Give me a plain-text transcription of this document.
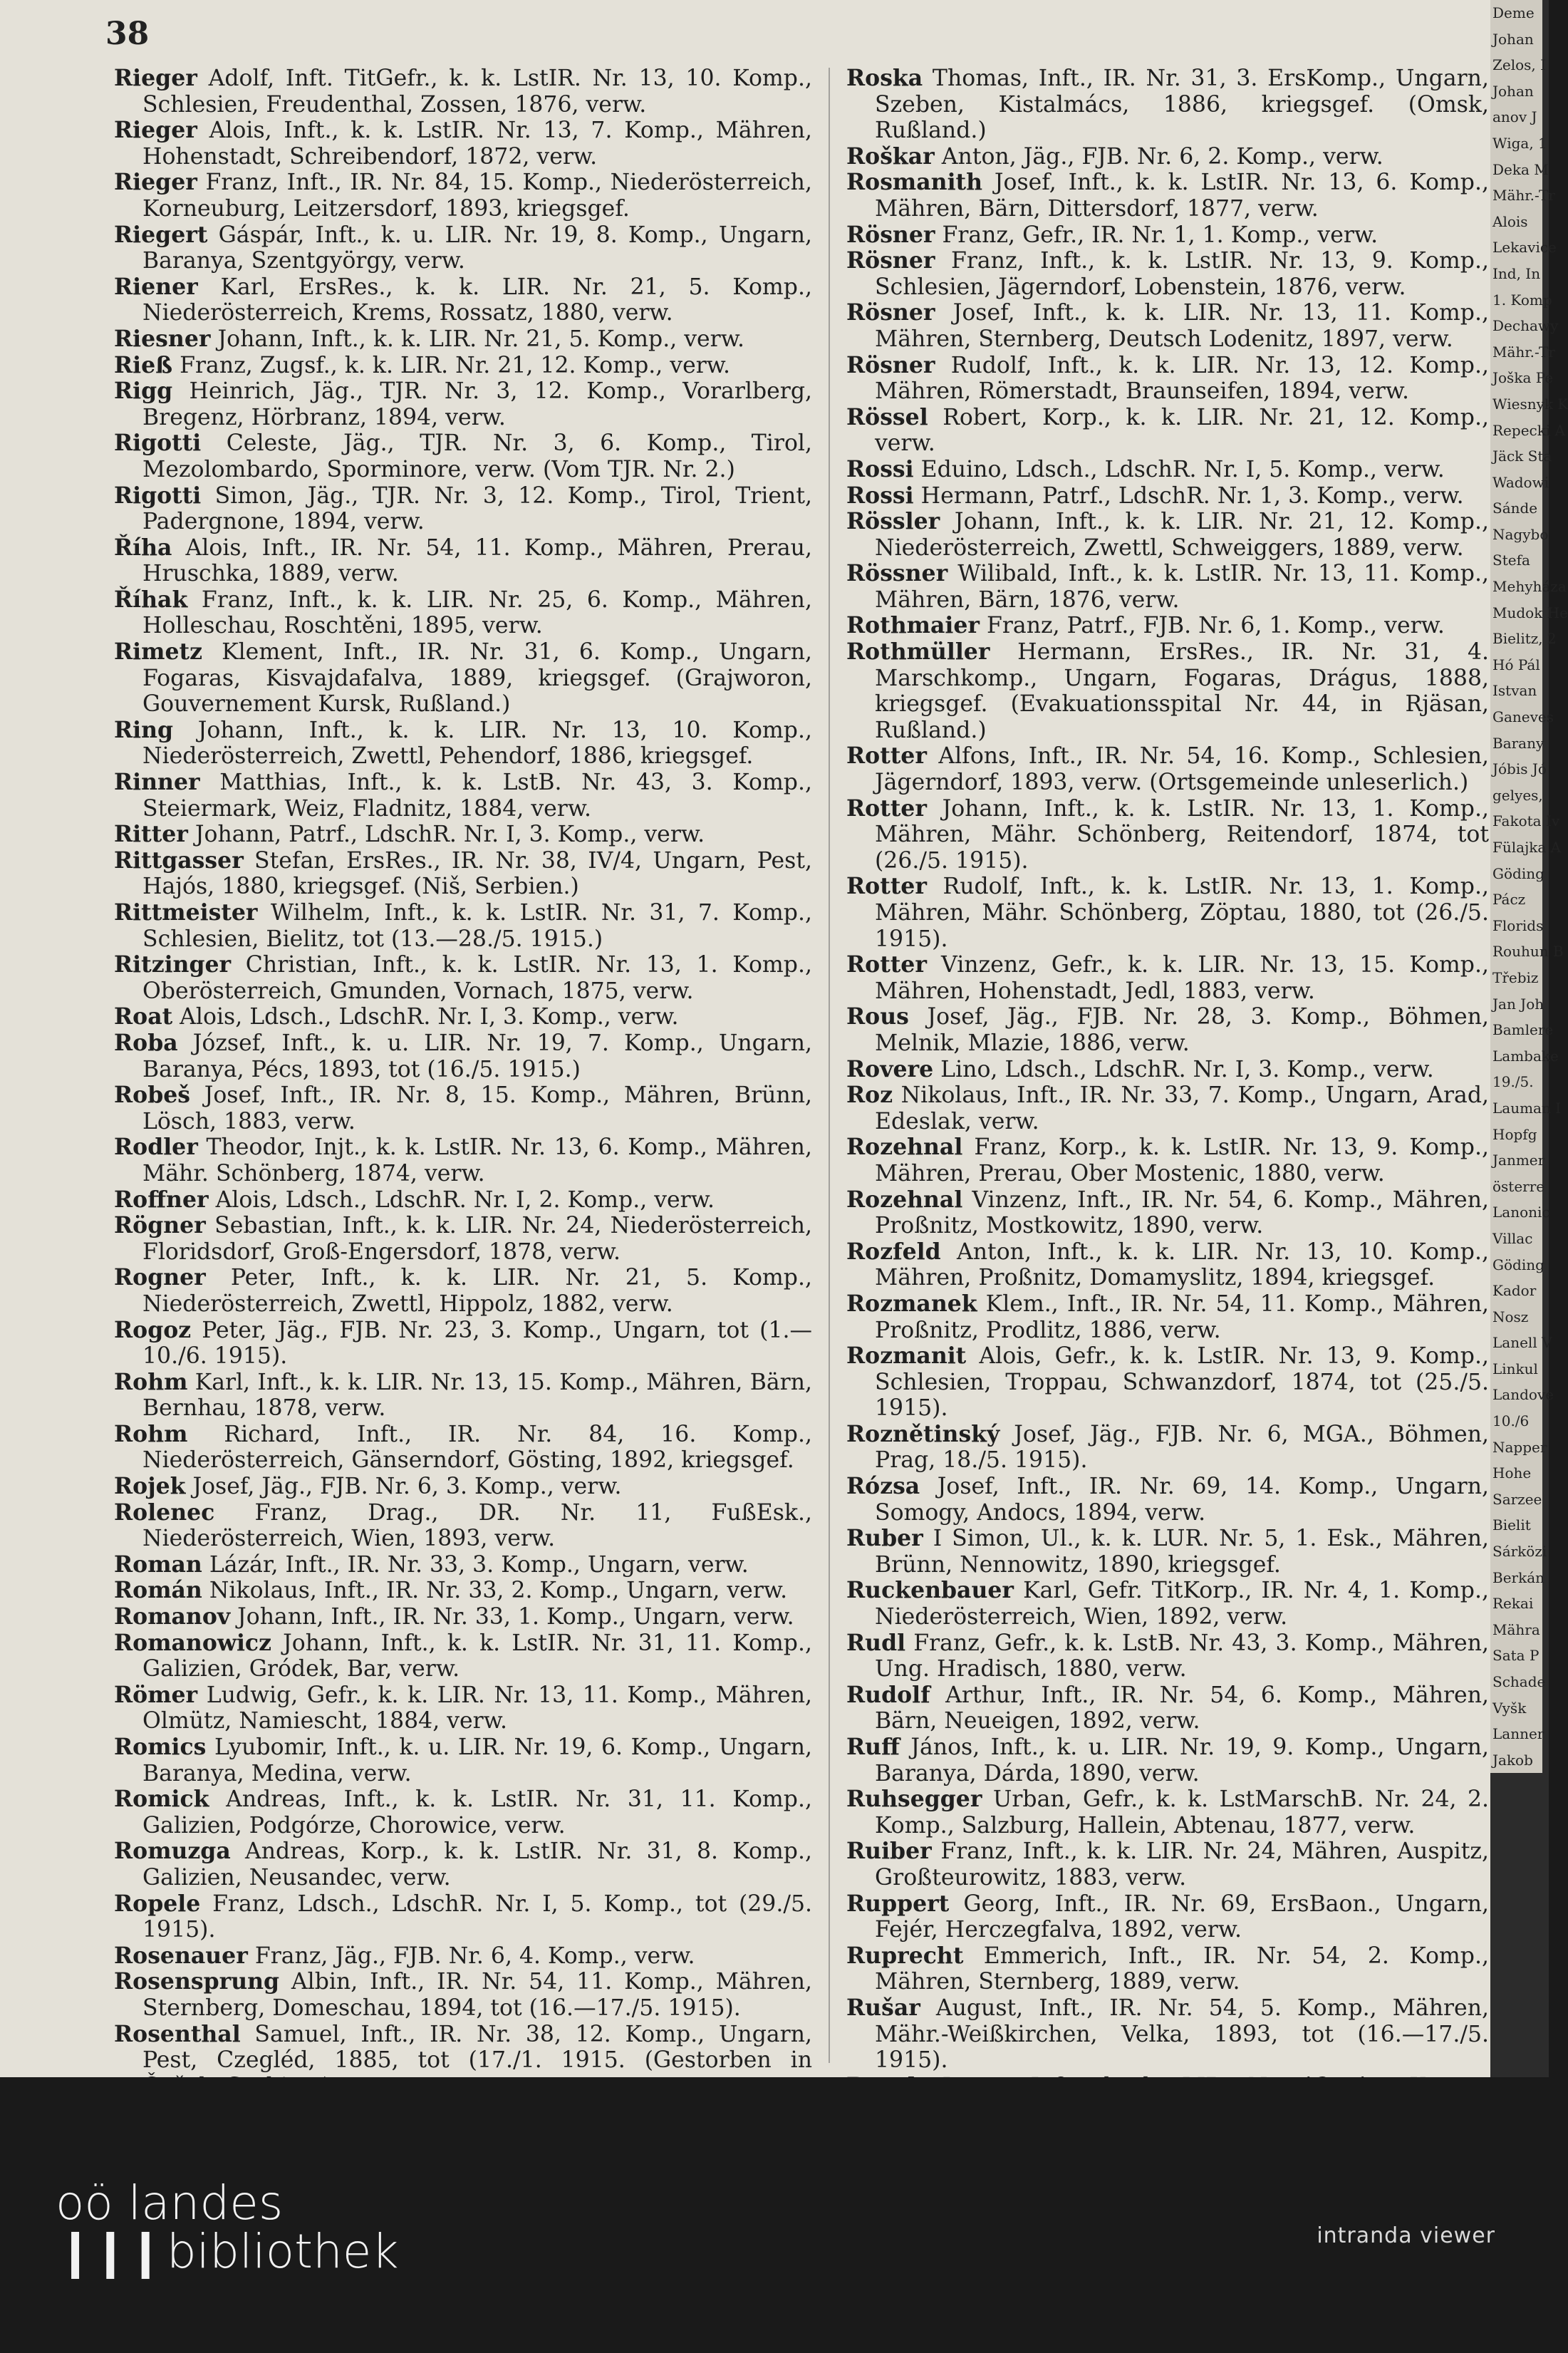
38

Rieger Adolf, Inft. TitGefr., k. k. LstIR. Nr. 13, 10. Komp., Schlesien, Freudenthal, Zossen, 1876, verw.

Rieger Alois, Inft., k. k. LstIR. Nr. 13, 7. Komp., Mähren, Hohenstadt, Schreibendorf, 1872, verw.

Rieger Franz, Inft., IR. Nr. 84, 15. Komp., Niederösterreich, Korneuburg, Leitzersdorf, 1893, kriegsgef.

Riegert Gáspár, Inft., k. u. LIR. Nr. 19, 8. Komp., Ungarn, Baranya, Szentgyörgy, verw.

Riener Karl, ErsRes., k. k. LIR. Nr. 21, 5. Komp., Niederösterreich, Krems, Rossatz, 1880, verw.

Riesner Johann, Inft., k. k. LIR. Nr. 21, 5. Komp., verw.

Rieß Franz, Zugsf., k. k. LIR. Nr. 21, 12. Komp., verw.

Rigg Heinrich, Jäg., TJR. Nr. 3, 12. Komp., Vorarlberg, Bregenz, Hörbranz, 1894, verw.

Rigotti Celeste, Jäg., TJR. Nr. 3, 6. Komp., Tirol, Mezolombardo, Sporminore, verw. (Vom TJR. Nr. 2.)

Rigotti Simon, Jäg., TJR. Nr. 3, 12. Komp., Tirol, Trient, Padergnone, 1894, verw.

Říha Alois, Inft., IR. Nr. 54, 11. Komp., Mähren, Prerau, Hruschka, 1889, verw.

Říhak Franz, Inft., k. k. LIR. Nr. 25, 6. Komp., Mähren, Holleschau, Roschtěni, 1895, verw.

Rimetz Klement, Inft., IR. Nr. 31, 6. Komp., Ungarn, Fogaras, Kisvajdafalva, 1889, kriegsgef. (Grajworon, Gouvernement Kursk, Rußland.)

Ring Johann, Inft., k. k. LIR. Nr. 13, 10. Komp., Niederösterreich, Zwettl, Pehendorf, 1886, kriegsgef.

Rinner Matthias, Inft., k. k. LstB. Nr. 43, 3. Komp., Steiermark, Weiz, Fladnitz, 1884, verw.

Ritter Johann, Patrf., LdschR. Nr. I, 3. Komp., verw.

Rittgasser Stefan, ErsRes., IR. Nr. 38, IV/4, Ungarn, Pest, Hajós, 1880, kriegsgef. (Niš, Serbien.)

Rittmeister Wilhelm, Inft., k. k. LstIR. Nr. 31, 7. Komp., Schlesien, Bielitz, tot (13.—28./5. 1915.)

Ritzinger Christian, Inft., k. k. LstIR. Nr. 13, 1. Komp., Oberösterreich, Gmunden, Vornach, 1875, verw.

Roat Alois, Ldsch., LdschR. Nr. I, 3. Komp., verw.

Roba József, Inft., k. u. LIR. Nr. 19, 7. Komp., Ungarn, Baranya, Pécs, 1893, tot (16./5. 1915.)

Robeš Josef, Inft., IR. Nr. 8, 15. Komp., Mähren, Brünn, Lösch, 1883, verw.

Rodler Theodor, Injt., k. k. LstIR. Nr. 13, 6. Komp., Mähren, Mähr. Schönberg, 1874, verw.

Roffner Alois, Ldsch., LdschR. Nr. I, 2. Komp., verw.

Rögner Sebastian, Inft., k. k. LIR. Nr. 24, Niederösterreich, Floridsdorf, Groß-Engersdorf, 1878, verw.

Rogner Peter, Inft., k. k. LIR. Nr. 21, 5. Komp., Niederösterreich, Zwettl, Hippolz, 1882, verw.

Rogoz Peter, Jäg., FJB. Nr. 23, 3. Komp., Ungarn, tot (1.—10./6. 1915).

Rohm Karl, Inft., k. k. LIR. Nr. 13, 15. Komp., Mähren, Bärn, Bernhau, 1878, verw.

Rohm Richard, Inft., IR. Nr. 84, 16. Komp., Niederösterreich, Gänserndorf, Gösting, 1892, kriegsgef.

Rojek Josef, Jäg., FJB. Nr. 6, 3. Komp., verw.

Rolenec Franz, Drag., DR. Nr. 11, FußEsk., Niederösterreich, Wien, 1893, verw.

Roman Lázár, Inft., IR. Nr. 33, 3. Komp., Ungarn, verw.

Román Nikolaus, Inft., IR. Nr. 33, 2. Komp., Ungarn, verw.

Romanov Johann, Inft., IR. Nr. 33, 1. Komp., Ungarn, verw.

Romanowicz Johann, Inft., k. k. LstIR. Nr. 31, 11. Komp., Galizien, Gródek, Bar, verw.

Römer Ludwig, Gefr., k. k. LIR. Nr. 13, 11. Komp., Mähren, Olmütz, Namiescht, 1884, verw.

Romics Lyubomir, Inft., k. u. LIR. Nr. 19, 6. Komp., Ungarn, Baranya, Medina, verw.

Romick Andreas, Inft., k. k. LstIR. Nr. 31, 11. Komp., Galizien, Podgórze, Chorowice, verw.

Romuzga Andreas, Korp., k. k. LstIR. Nr. 31, 8. Komp., Galizien, Neusandec, verw.

Ropele Franz, Ldsch., LdschR. Nr. I, 5. Komp., tot (29./5. 1915).

Rosenauer Franz, Jäg., FJB. Nr. 6, 4. Komp., verw.

Rosensprung Albin, Inft., IR. Nr. 54, 11. Komp., Mähren, Sternberg, Domeschau, 1894, tot (16.—17./5. 1915).

Rosenthal Samuel, Inft., IR. Nr. 38, 12. Komp., Ungarn, Pest, Czegléd, 1885, tot (17./1. 1915. (Gestorben in

Roska Thomas, Inft., IR. Nr. 31, 3. ErsKomp., Ungarn, Szeben, Kistalmács, 1886, kriegsgef. (Omsk, Rußland.)

Roškar Anton, Jäg., FJB. Nr. 6, 2. Komp., verw.

Rosmanith Josef, Inft., k. k. LstIR. Nr. 13, 6. Komp., Mähren, Bärn, Dittersdorf, 1877, verw.

Rösner Franz, Gefr., IR. Nr. 1, 1. Komp., verw.

Rösner Franz, Inft., k. k. LstIR. Nr. 13, 9. Komp., Schlesien, Jägerndorf, Lobenstein, 1876, verw.

Rösner Josef, Inft., k. k. LIR. Nr. 13, 11. Komp., Mähren, Sternberg, Deutsch Lodenitz, 1897, verw.

Rösner Rudolf, Inft., k. k. LIR. Nr. 13, 12. Komp., Mähren, Römerstadt, Braunseifen, 1894, verw.

Rössel Robert, Korp., k. k. LIR. Nr. 21, 12. Komp., verw.

Rossi Eduino, Ldsch., LdschR. Nr. I, 5. Komp., verw.

Rossi Hermann, Patrf., LdschR. Nr. 1, 3. Komp., verw.

Rössler Johann, Inft., k. k. LIR. Nr. 21, 12. Komp., Niederösterreich, Zwettl, Schweiggers, 1889, verw.

Rössner Wilibald, Inft., k. k. LstIR. Nr. 13, 11. Komp., Mähren, Bärn, 1876, verw.

Rothmaier Franz, Patrf., FJB. Nr. 6, 1. Komp., verw.

Rothmüller Hermann, ErsRes., IR. Nr. 31, 4. Marschkomp., Ungarn, Fogaras, Drágus, 1888, kriegsgef. (Evakuationsspital Nr. 44, in Rjäsan, Rußland.)

Rotter Alfons, Inft., IR. Nr. 54, 16. Komp., Schlesien, Jägerndorf, 1893, verw. (Ortsgemeinde unleserlich.)

Rotter Johann, Inft., k. k. LstIR. Nr. 13, 1. Komp., Mähren, Mähr. Schönberg, Reitendorf, 1874, tot (26./5. 1915).

Rotter Rudolf, Inft., k. k. LstIR. Nr. 13, 1. Komp., Mähren, Mähr. Schönberg, Zöptau, 1880, tot (26./5. 1915).

Rotter Vinzenz, Gefr., k. k. LIR. Nr. 13, 15. Komp., Mähren, Hohenstadt, Jedl, 1883, verw.

Rous Josef, Jäg., FJB. Nr. 28, 3. Komp., Böhmen, Melnik, Mlazie, 1886, verw.

Rovere Lino, Ldsch., LdschR. Nr. I, 3. Komp., verw.

Roz Nikolaus, Inft., IR. Nr. 33, 7. Komp., Ungarn, Arad, Edeslak, verw.

Rozehnal Franz, Korp., k. k. LstIR. Nr. 13, 9. Komp., Mähren, Prerau, Ober Mostenic, 1880, verw.

Rozehnal Vinzenz, Inft., IR. Nr. 54, 6. Komp., Mähren, Proßnitz, Mostkowitz, 1890, verw.

Rozfeld Anton, Inft., k. k. LIR. Nr. 13, 10. Komp., Mähren, Proßnitz, Domamyslitz, 1894, kriegsgef.

Rozmanek Klem., Inft., IR. Nr. 54, 11. Komp., Mähren, Proßnitz, Prodlitz, 1886, verw.

Rozmanit Alois, Gefr., k. k. LstIR. Nr. 13, 9. Komp., Schlesien, Troppau, Schwanzdorf, 1874, tot (25./5. 1915).

Roznětinský Josef, Jäg., FJB. Nr. 6, MGA., Böhmen, Prag, 18./5. 1915).

Rózsa Josef, Inft., IR. Nr. 69, 14. Komp., Ungarn, Somogy, Andocs, 1894, verw.

Ruber I Simon, Ul., k. k. LUR. Nr. 5, 1. Esk., Mähren, Brünn, Nennowitz, 1890, kriegsgef.

Ruckenbauer Karl, Gefr. TitKorp., IR. Nr. 4, 1. Komp., Niederösterreich, Wien, 1892, verw.

Rudl Franz, Gefr., k. k. LstB. Nr. 43, 3. Komp., Mähren, Ung. Hradisch, 1880, verw.

Rudolf Arthur, Inft., IR. Nr. 54, 6. Komp., Mähren, Bärn, Neueigen, 1892, verw.

Ruff János, Inft., k. u. LIR. Nr. 19, 9. Komp., Ungarn, Baranya, Dárda, 1890, verw.

Ruhsegger Urban, Gefr., k. k. LstMarschB. Nr. 24, 2. Komp., Salzburg, Hallein, Abtenau, 1877, verw.

Ruiber Franz, Inft., k. k. LIR. Nr. 24, Mähren, Auspitz, Großteurowitz, 1883, verw.

Ruppert Georg, Inft., IR. Nr. 69, ErsBaon., Ungarn, Fejér, Herczegfalva, 1892, verw.

Ruprecht Emmerich, Inft., IR. Nr. 54, 2. Komp., Mähren, Sternberg, 1889, verw.

Rušar August, Inft., IR. Nr. 54, 5. Komp., Mähren, Mähr.-Weißkirchen, Velka, 1893, tot (16.—17./5. 1915).

Deme
Johan
Zelos, I
Johan
anov J
Wiga, 1
Deka M
Mähr.-Tr
Alois
Lekavice
Ind, In
1. Komp
Dechawy
Mähr.-Tr
Joška Pe
Wiesnyk K
Repecki A
Jäck Sta
Wadowi
Sánde
Nagybo
Stefa
Mehyháza
Mudok He
Bielitz, 2
Hó Pál
Istvan
Ganeves
Barany
Jóbis Jó
gelyes,
Fakota Iv
Fülajka A
Göding
Pácz
Florids
Rouhun B
Třebiz
Jan Joh
Bamlere
Lambake
19./5.
Lauman I
Hopfg
Janmer
österre
Lanonic
Villac
Göding
Kador
Nosz
Lanell V
Linkul
Landove
10./6
Napper
Hohe
Sarzee
Bielit
Sárközi
Berkán
Rekai
Mähra
Sata P
Schade
Vyšk
Lanner
Jakob
oö landes
❙❙❙ bibliothek	intranda viewer
